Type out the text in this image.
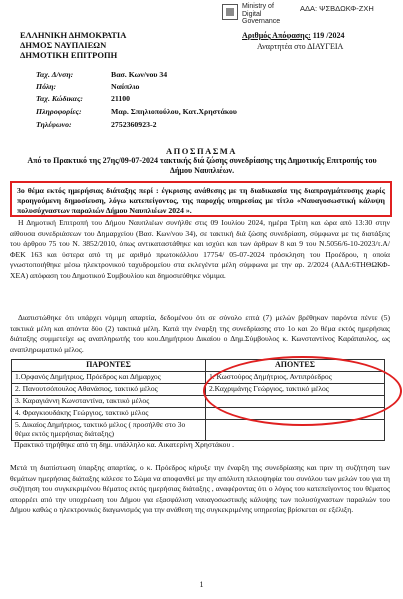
Ministry of
Digital
Governance
ΑΔΑ: ΨΣΒΔΩΚΦ-ΖΧΗ
ΕΛΛΗΝΙΚΗ ΔΗΜΟΚΡΑΤΙΑ
ΔΗΜΟΣ ΝΑΥΠΛΙΕΩΝ
ΔΗΜΟΤΙΚΗ ΕΠΙΤΡΟΠΗ
Αριθμός Απόφασης: 119 /2024
Αναρτητέα στο ΔΙΑΥΓΕΙΑ
Ταχ. Δ/νση:	Βασ. Κων/νου 34
Πόλη:	Ναύπλιο
Ταχ. Κώδικας:	21100
Πληροφορίες:	Μαρ. Σπηλιοπούλου, Κατ.Χρηστάκου
Τηλέφωνο:	2752360923-2
ΑΠΟΣΠΑΣΜΑ
Από το Πρακτικό της 27ης/09-07-2024 τακτικής διά ζώσης συνεδρίασης της Δημοτικής Επιτροπής του Δήμου Ναυπλιέων.

3ο θέμα εκτός ημερήσιας διάταξης περί : έγκρισης ανάθεσης με τη διαδικασία της διαπραγμάτευσης χωρίς προηγούμενη δημοσίευση, λόγω κατεπείγοντος, της παροχής υπηρεσίας με τίτλο «Ναυαγοσωστική κάλυψη πολυσύχναστων παραλιών Δήμου Ναυπλιέων 2024 ».

Η Δημοτική Επιτροπή του Δήμου Ναυπλιέων συνήλθε στις 09 Ιουλίου 2024, ημέρα Τρίτη και ώρα από 13:30 στην αίθουσα συνεδριάσεων του Δημαρχείου (Βασ. Κων/νου 34), σε τακτική διά ζώσης συνεδρίαση, σύμφωνα με τις διατάξεις του άρθρου 75 του Ν. 3852/2010, όπως αντικαταστάθηκε και ισχύει και των άρθρων 8 και 9 του Ν.5056/6-10-2023/τ.Α/ΦΕΚ 163 και ύστερα από τη με αριθμό πρωτοκόλλου 17754/ 05-07-2024 πρόσκληση του Προέδρου, η οποία γνωστοποιήθηκε μέσω ηλεκτρονικού ταχυδρομείου στα εκλεγέντα μέλη σύμφωνα με την αρ. 2/2024 (ΑΔΑ:6ΤΗΘΩΚΦ-ΧΕΑ) απόφαση του Δημοτικού Συμβουλίου και δημοσιεύθηκε νόμιμα.

Διαπιστώθηκε ότι υπάρχει νόμιμη απαρτία, δεδομένου ότι σε σύνολο επτά (7) μελών βρέθηκαν παρόντα πέντε (5) τακτικά μέλη και απόντα δύο (2) τακτικά μέλη. Κατά την έναρξη της συνεδρίασης στο 1ο και 2ο θέμα εκτός ημερήσιας διάταξης συμμετείχε ως αναπληρωτής του κου.Δημήτριου Δικαίου ο Δημ.Σύμβουλος κ. Κωνσταντίνος Καράπαυλος, ως αναπληρωματικό μέλος.

ΠΑΡΟΝΤΕΣ	ΑΠΟΝΤΕΣ
1.Ορφανός Δημήτριος, Πρόεδρος και Δήμαρχος	1. Κωστούρος Δημήτριος, Αντιπρόεδρος
2. Πανουτσόπουλος Αθανάσιος, τακτικό μέλος	2.Καχριμάνης Γεώργιος, τακτικό μέλος
3. Καραγιάννη Κωνσταντίνα, τακτικό μέλος	
4. Φραγκιουδάκης Γεώργιος, τακτικό μέλος	
5. Δικαίος Δημήτριος, τακτικό μέλος ( προσήλθε στο 3ο θέμα εκτός ημερήσιας διάταξης)	
Πρακτικό τηρήθηκε από τη δημ. υπάλληλο κα. Αικατερίνη Χρηστάκου .

Μετά τη διαπίστωση ύπαρξης απαρτίας, ο κ. Πρόεδρος κήρυξε την έναρξη της συνεδρίασης και πριν τη συζήτηση των θεμάτων ημερήσιας διάταξης κάλεσε το Σώμα να αποφανθεί με την απόλυτη πλειοψηφία του συνόλου των μελών του για τη συζήτηση του συγκεκριμένου θέματος εκτός ημερήσιας διάταξης , αναφέροντας ότι ο λόγος του κατεπείγοντος του θέματος απορρέει από την υποχρέωση του Δήμου για εξασφάλιση ναυαγοσωστικής κάλυψης των πολυσύχναστων παραλιών του Δήμου καθώς ο ηλεκτρονικός διαγωνισμός για την ανάθεση της συγκεκριμένης υπηρεσίας βρίσκεται σε εξέλιξη.

1
